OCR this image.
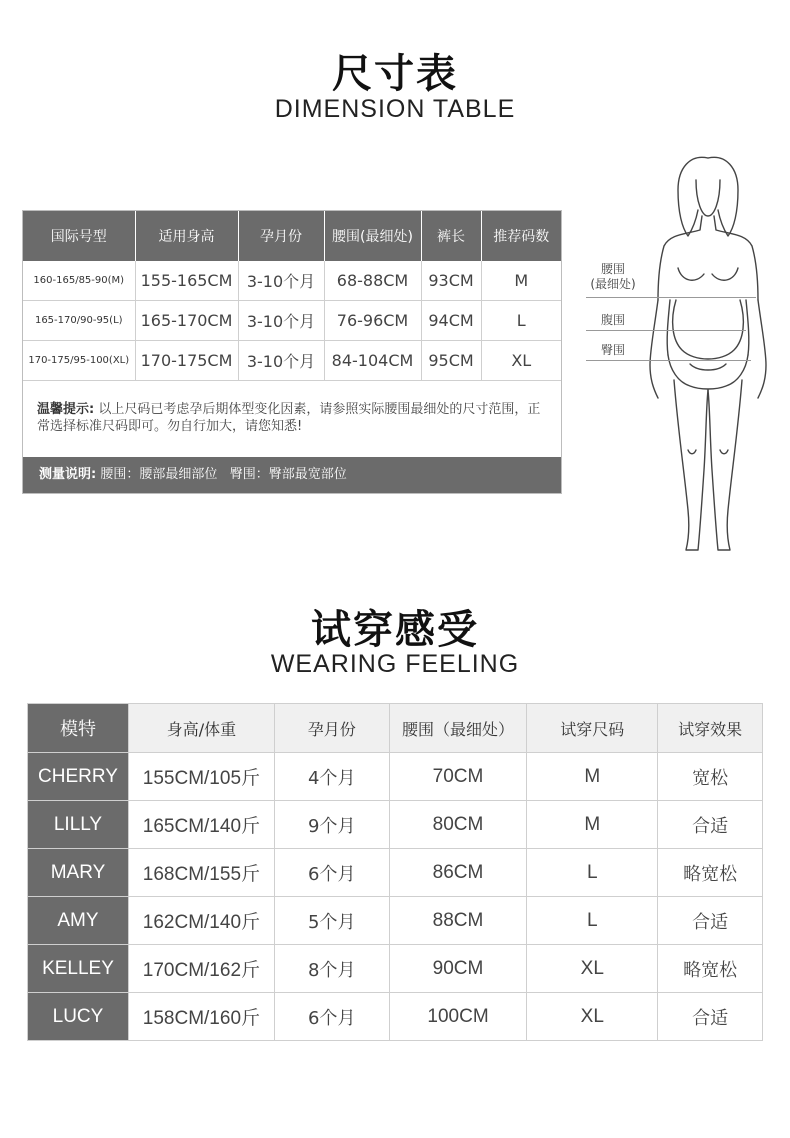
尺寸表
DIMENSION TABLE
国际号型	适用身高	孕月份	腰围(最细处)	裤长	推荐码数
160-165/85-90(M)	155-165CM	3-10个月	68-88CM	93CM	M
165-170/90-95(L)	165-170CM	3-10个月	76-96CM	94CM	L
170-175/95-100(XL)	170-175CM	3-10个月	84-104CM	95CM	XL
温馨提示: 以上尺码已考虑孕后期体型变化因素，请参照实际腰围最细处的尺寸范围，正常选择标准尺码即可。勿自行加大，请您知悉!
测量说明: 腰围：腰部最细部位   臀围：臀部最宽部位
腰围
(最细处)
腹围
臀围
试穿感受
WEARING FEELING
模特	身高/体重	孕月份	腰围（最细处）	试穿尺码	试穿效果
CHERRY	155CM/105斤	4个月	70CM	M	宽松
LILLY	165CM/140斤	9个月	80CM	M	合适
MARY	168CM/155斤	6个月	86CM	L	略宽松
AMY	162CM/140斤	5个月	88CM	L	合适
KELLEY	170CM/162斤	8个月	90CM	XL	略宽松
LUCY	158CM/160斤	6个月	100CM	XL	合适
